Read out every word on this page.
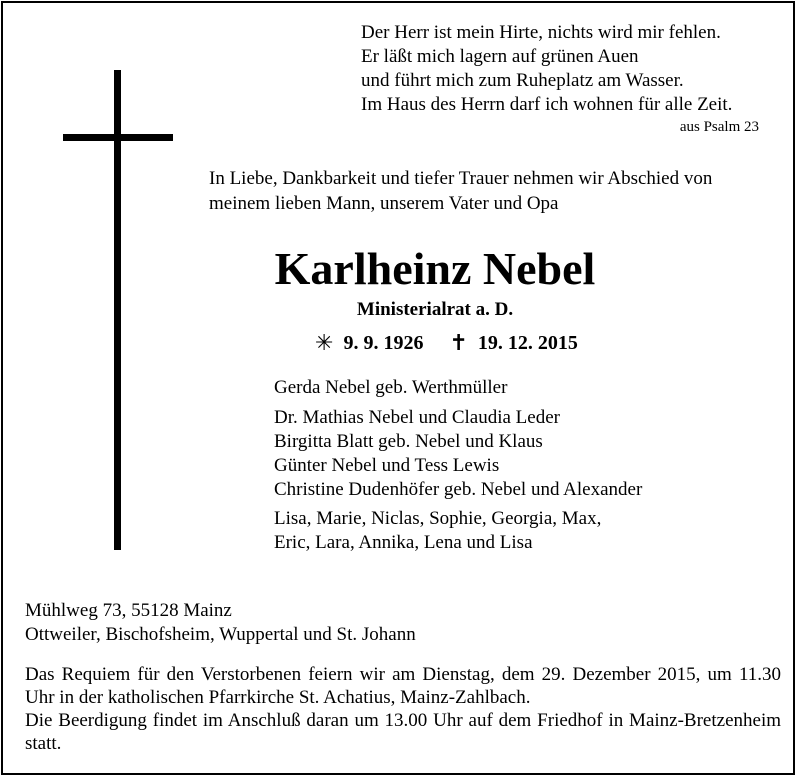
Der Herr ist mein Hirte, nichts wird mir fehlen.
Er läßt mich lagern auf grünen Auen
und führt mich zum Ruheplatz am Wasser.
Im Haus des Herrn darf ich wohnen für alle Zeit.
aus Psalm 23
In Liebe, Dankbarkeit und tiefer Trauer nehmen wir Abschied von
meinem lieben Mann, unserem Vater und Opa
Karlheinz Nebel
Ministerialrat a. D.
✳ 9. 9. 1926 ✝ 19. 12. 2015
Gerda Nebel geb. Werthmüller
Dr. Mathias Nebel und Claudia Leder
Birgitta Blatt geb. Nebel und Klaus
Günter Nebel und Tess Lewis
Christine Dudenhöfer geb. Nebel und Alexander
Lisa, Marie, Niclas, Sophie, Georgia, Max,
Eric, Lara, Annika, Lena und Lisa
Mühlweg 73, 55128 Mainz
Ottweiler, Bischofsheim, Wuppertal und St. Johann
Das Requiem für den Verstorbenen feiern wir am Dienstag, dem 29. Dezember 2015, um 11.30 Uhr in der katholischen Pfarrkirche St. Achatius, Mainz-Zahlbach.
Die Beerdigung findet im Anschluß daran um 13.00 Uhr auf dem Friedhof in Mainz-Bretzenheim statt.
